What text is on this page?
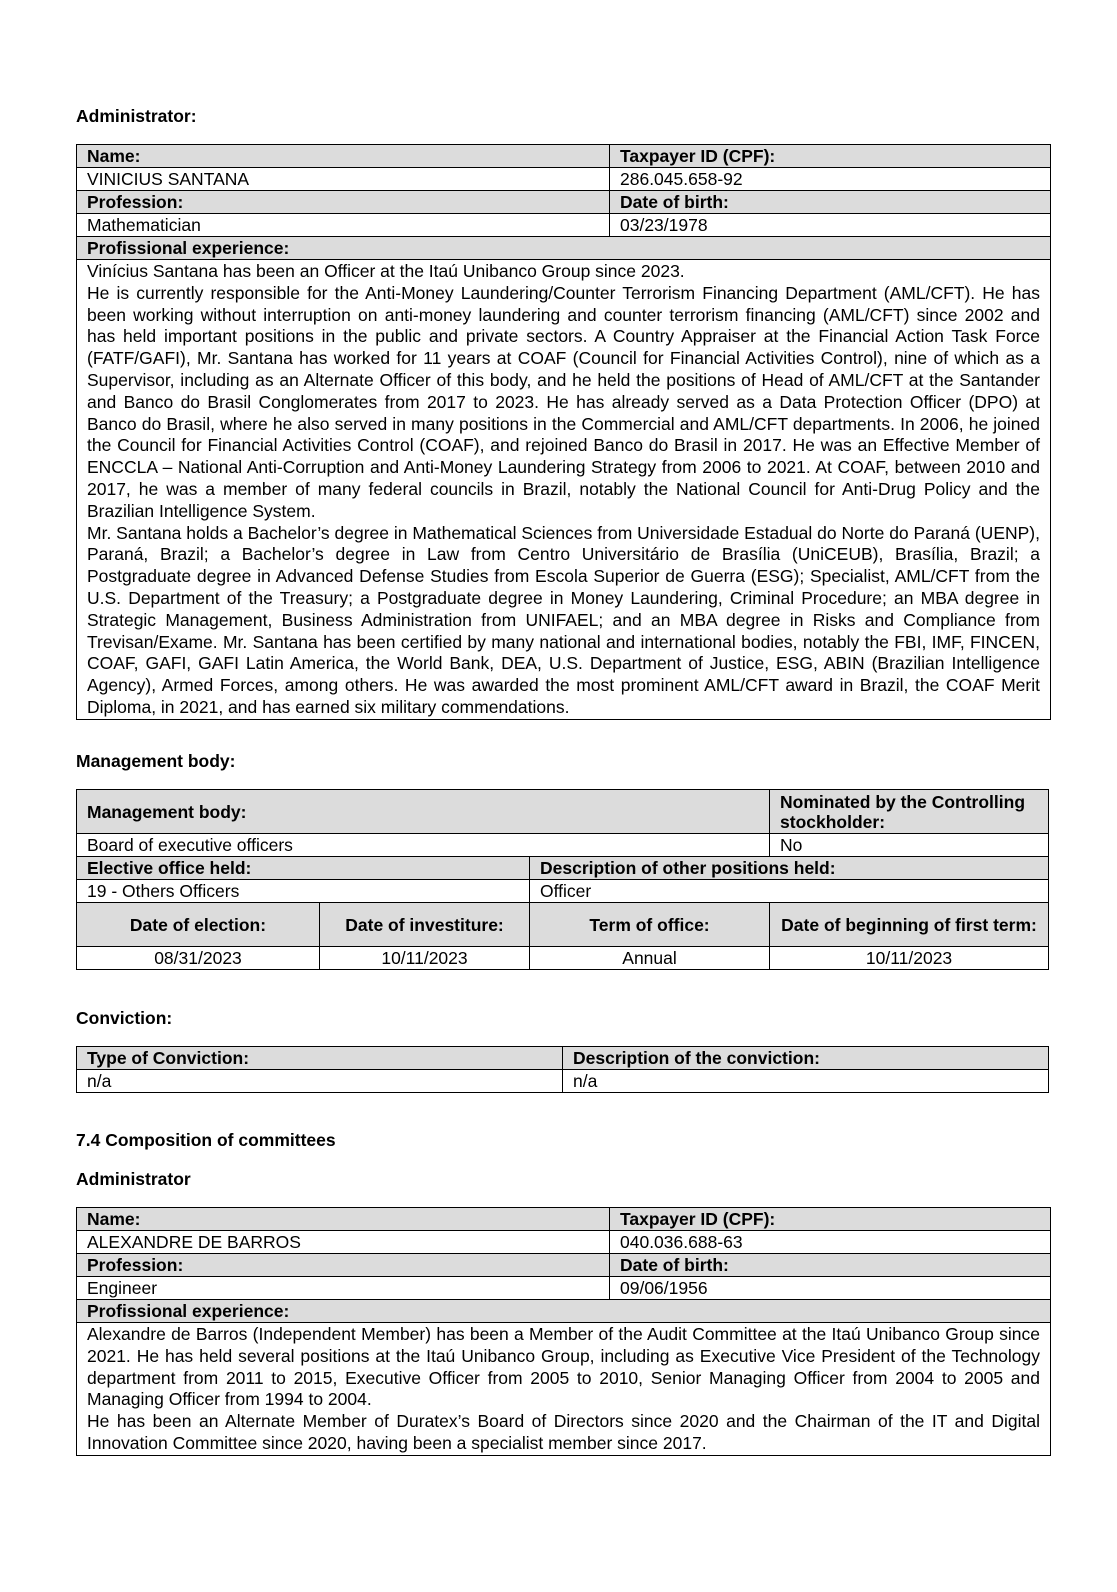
Administrator:
Name:	Taxpayer ID (CPF):
VINICIUS SANTANA	286.045.658-92
Profession:	Date of birth:
Mathematician	03/23/1978
Profissional experience:	

Vinícius Santana has been an Officer at the Itaú Unibanco Group since 2023.

He is currently responsible for the Anti-Money Laundering/Counter Terrorism Financing Department (AML/CFT). He has been working without interruption on anti-money laundering and counter terrorism financing (AML/CFT) since 2002 and has held important positions in the public and private sectors. A Country Appraiser at the Financial Action Task Force (FATF/GAFI), Mr. Santana has worked for 11 years at COAF (Council for Financial Activities Control), nine of which as a Supervisor, including as an Alternate Officer of this body, and he held the positions of Head of AML/CFT at the Santander and Banco do Brasil Conglomerates from 2017 to 2023. He has already served as a Data Protection Officer (DPO) at Banco do Brasil, where he also served in many positions in the Commercial and AML/CFT departments. In 2006, he joined the Council for Financial Activities Control (COAF), and rejoined Banco do Brasil in 2017. He was an Effective Member of ENCCLA – National Anti-Corruption and Anti-Money Laundering Strategy from 2006 to 2021. At COAF, between 2010 and 2017, he was a member of many federal councils in Brazil, notably the National Council for Anti-Drug Policy and the Brazilian Intelligence System.

Mr. Santana holds a Bachelor’s degree in Mathematical Sciences from Universidade Estadual do Norte do Paraná (UENP), Paraná, Brazil; a Bachelor’s degree in Law from Centro Universitário de Brasília (UniCEUB), Brasília, Brazil; a Postgraduate degree in Advanced Defense Studies from Escola Superior de Guerra (ESG); Specialist, AML/CFT from the U.S. Department of the Treasury; a Postgraduate degree in Money Laundering, Criminal Procedure; an MBA degree in Strategic Management, Business Administration from UNIFAEL; and an MBA degree in Risks and Compliance from Trevisan/Exame. Mr. Santana has been certified by many national and international bodies, notably the FBI, IMF, FINCEN, COAF, GAFI, GAFI Latin America, the World Bank, DEA, U.S. Department of Justice, ESG, ABIN (Brazilian Intelligence Agency), Armed Forces, among others. He was awarded the most prominent AML/CFT award in Brazil, the COAF Merit Diploma, in 2021, and has earned six military commendations.	

Management body:
Management body:			Nominated by the Controlling stockholder:
Board of executive officers			No
Elective office held:		Description of other positions held:	
19 - Others Officers		Officer	
Date of election:	Date of investiture:	Term of office:	Date of beginning of first term:
08/31/2023	10/11/2023	Annual	10/11/2023
Conviction:
Type of Conviction:	Description of the conviction:
n/a	n/a
7.4 Composition of committees
Administrator
Name:	Taxpayer ID (CPF):
ALEXANDRE DE BARROS	040.036.688-63
Profession:	Date of birth:
Engineer	09/06/1956
Profissional experience:	

Alexandre de Barros (Independent Member) has been a Member of the Audit Committee at the Itaú Unibanco Group since 2021. He has held several positions at the Itaú Unibanco Group, including as Executive Vice President of the Technology department from 2011 to 2015, Executive Officer from 2005 to 2010, Senior Managing Officer from 2004 to 2005 and Managing Officer from 1994 to 2004.

He has been an Alternate Member of Duratex’s Board of Directors since 2020 and the Chairman of the IT and Digital Innovation Committee since 2020, having been a specialist member since 2017.	
